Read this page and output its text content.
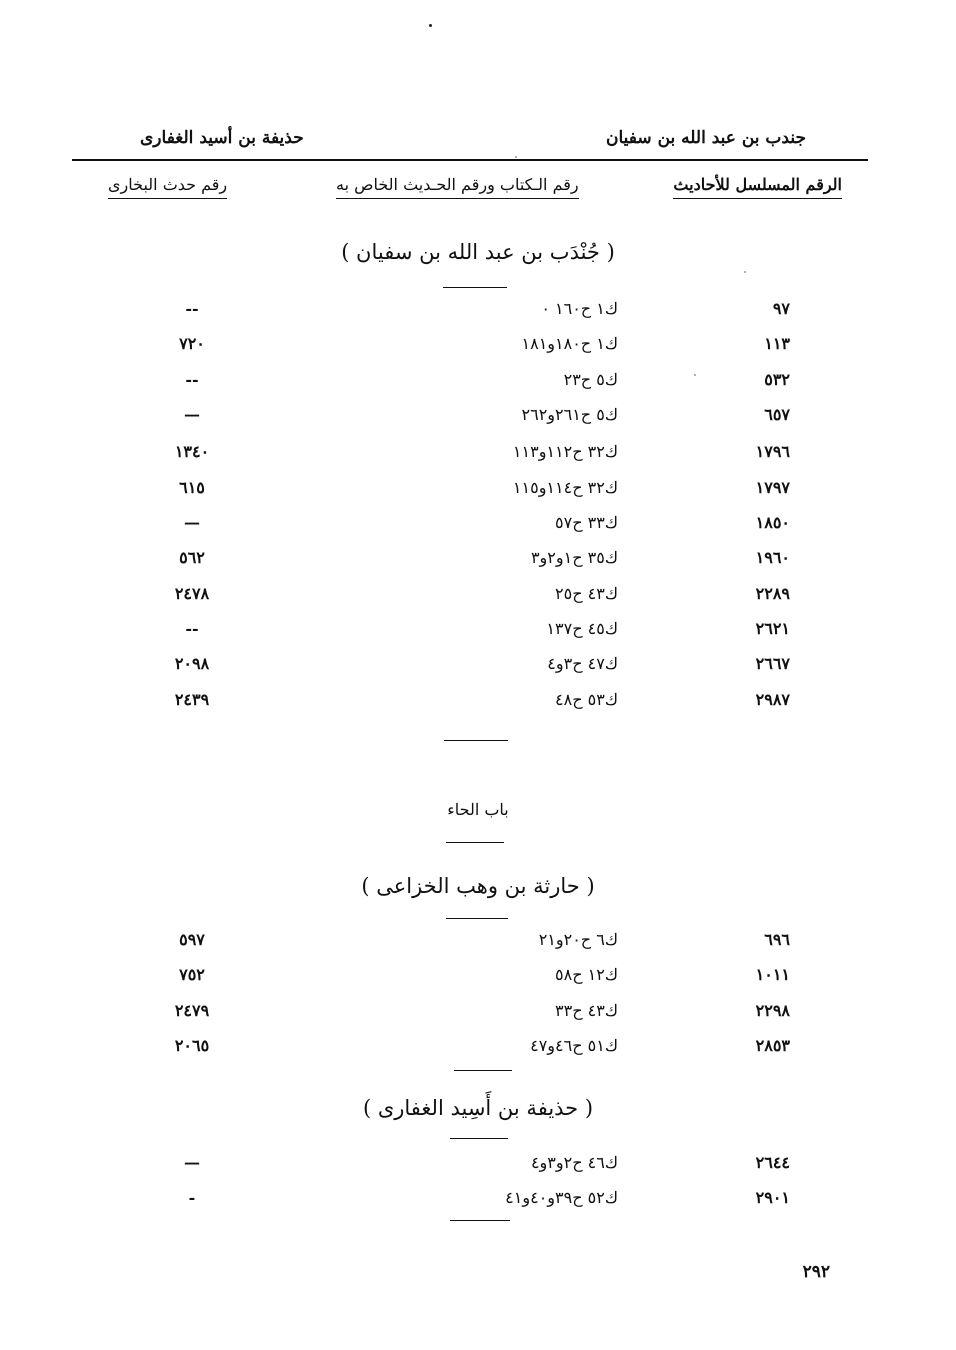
حذيفة بن أسيد الغفارى	جندب بن عبد الله بن سفيان
الرقم المسلسل للأحاديث
رقم الـكتاب ورقم الحـديث الخاص به
رقم حدث البخارى
( جُنْدَب بن عبد الله بن سفيان )
٩٧
ك١ ح١٦٠ ٠
--
١١٣
ك١ ح١٨٠و١٨١
٧٢٠
٥٣٢
ك٥ ح٢٣
--
٦٥٧
ك٥ ح٢٦١و٢٦٢
—
١٧٩٦
ك٣٢ ح١١٢و١١٣
١٣٤٠
١٧٩٧
ك٣٢ ح١١٤و١١٥
٦١٥
١٨٥٠
ك٣٣ ح٥٧
—
١٩٦٠
ك٣٥ ح١و٢و٣
٥٦٢
٢٢٨٩
ك٤٣ ح٢٥
٢٤٧٨
٢٦٢١
ك٤٥ ح١٣٧
--
٢٦٦٧
ك٤٧ ح٣و٤
٢٠٩٨
٢٩٨٧
ك٥٣ ح٤٨
٢٤٣٩
باب الحاء
( حارثة بن وهب الخزاعى )
٦٩٦
ك٦ ح٢٠و٢١
٥٩٧
١٠١١
ك١٢ ح٥٨
٧٥٢
٢٢٩٨
ك٤٣ ح٣٣
٢٤٧٩
٢٨٥٣
ك٥١ ح٤٦و٤٧
٢٠٦٥
( حذيفة بن أَسِيد الغفارى )
٢٦٤٤
ك٤٦ ح٢و٣و٤
—
٢٩٠١
ك٥٢ ح٣٩و٤٠و٤١
-
٢٩٢
